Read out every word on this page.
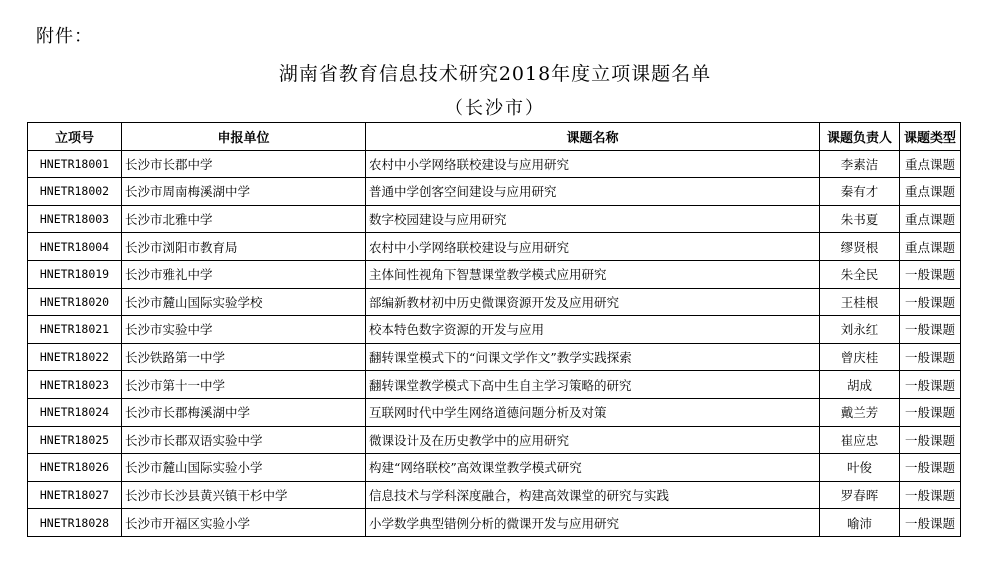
附件：
湖南省教育信息技术研究2018年度立项课题名单
（长沙市）
立项号	申报单位	课题名称	课题负责人	课题类型
HNETR18001	长沙市长郡中学	农村中小学网络联校建设与应用研究	李素洁	重点课题
HNETR18002	长沙市周南梅溪湖中学	普通中学创客空间建设与应用研究	秦有才	重点课题
HNETR18003	长沙市北雅中学	数字校园建设与应用研究	朱书夏	重点课题
HNETR18004	长沙市浏阳市教育局	农村中小学网络联校建设与应用研究	缪贤根	重点课题
HNETR18019	长沙市雅礼中学	主体间性视角下智慧课堂教学模式应用研究	朱全民	一般课题
HNETR18020	长沙市麓山国际实验学校	部编新教材初中历史微课资源开发及应用研究	王桂根	一般课题
HNETR18021	长沙市实验中学	校本特色数字资源的开发与应用	刘永红	一般课题
HNETR18022	长沙铁路第一中学	翻转课堂模式下的“问课文学作文”教学实践探索	曾庆桂	一般课题
HNETR18023	长沙市第十一中学	翻转课堂教学模式下高中生自主学习策略的研究	胡成	一般课题
HNETR18024	长沙市长郡梅溪湖中学	互联网时代中学生网络道德问题分析及对策	戴兰芳	一般课题
HNETR18025	长沙市长郡双语实验中学	微课设计及在历史教学中的应用研究	崔应忠	一般课题
HNETR18026	长沙市麓山国际实验小学	构建“网络联校”高效课堂教学模式研究	叶俊	一般课题
HNETR18027	长沙市长沙县黄兴镇干杉中学	信息技术与学科深度融合，构建高效课堂的研究与实践	罗春晖	一般课题
HNETR18028	长沙市开福区实验小学	小学数学典型错例分析的微课开发与应用研究	喻沛	一般课题
